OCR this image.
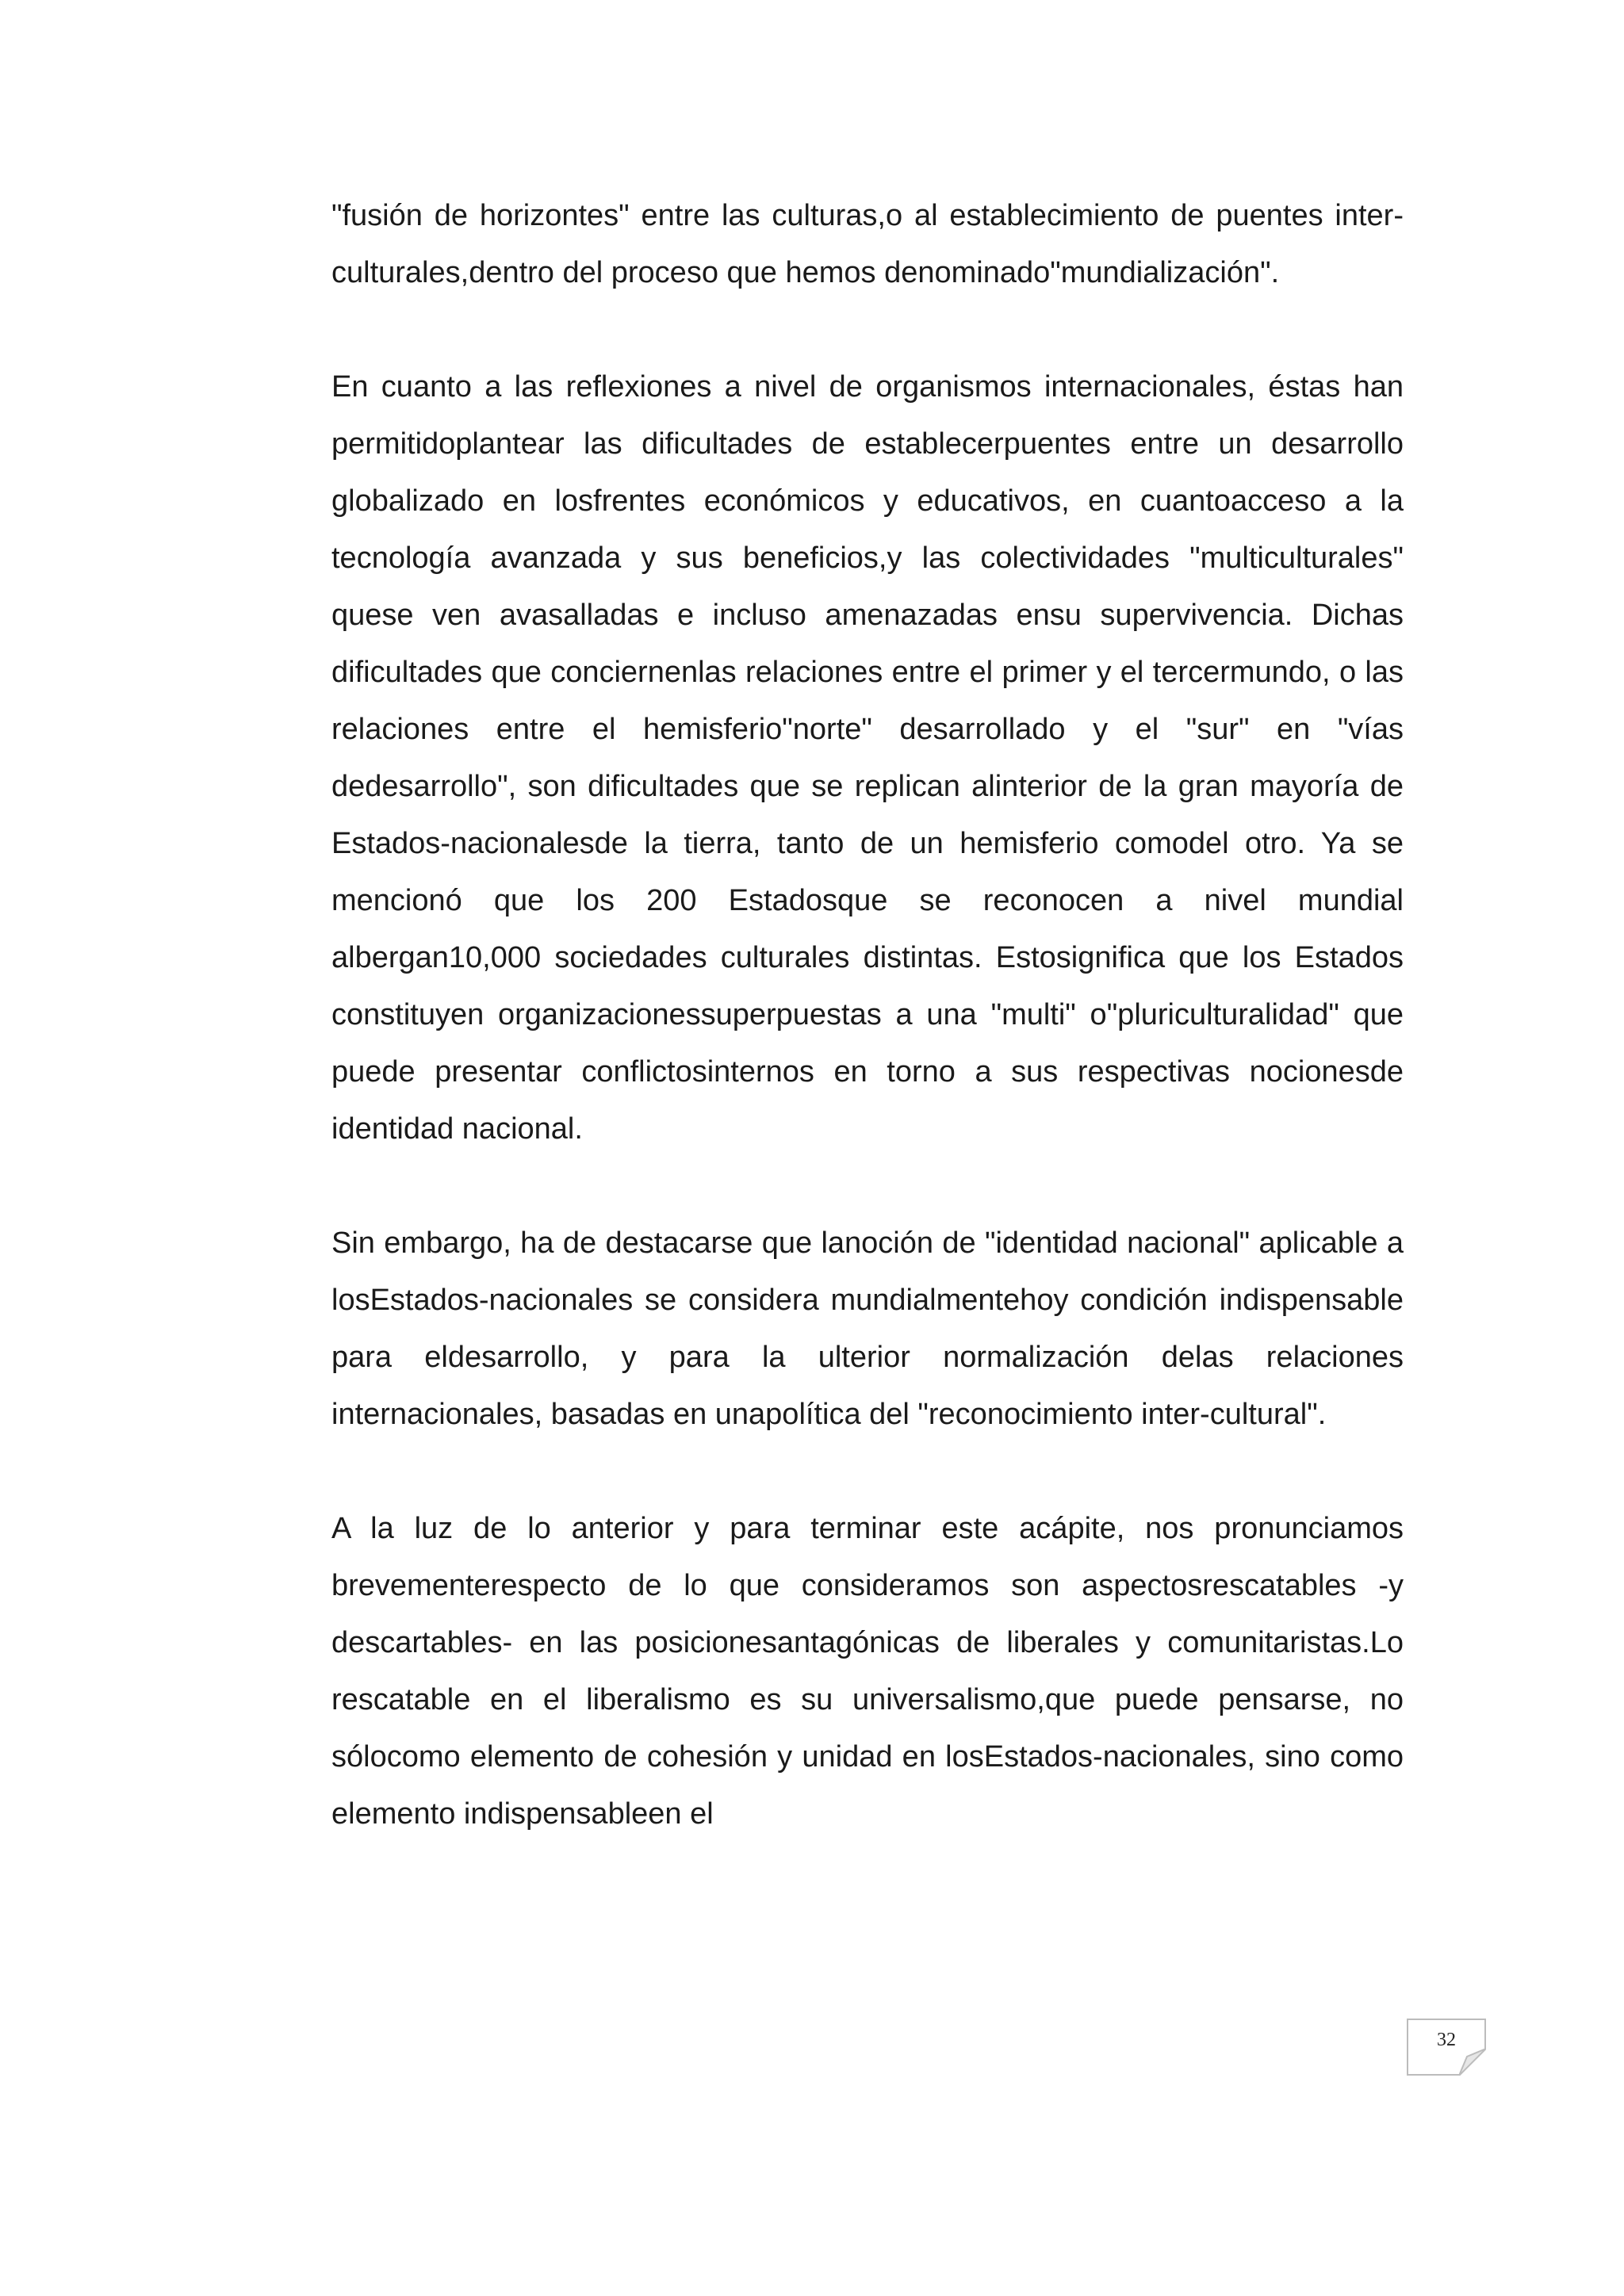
"fusión de horizontes" entre las culturas,o al establecimiento de puentes inter-culturales,dentro del proceso que hemos denominado"mundialización".

En cuanto a las reflexiones a nivel de organismos internacionales, éstas han permitidoplantear las dificultades de establecerpuentes entre un desarrollo globalizado en losfrentes económicos y educativos, en cuantoacceso a la tecnología avanzada y sus beneficios,y las colectividades "multiculturales" quese ven avasalladas e incluso amenazadas ensu supervivencia. Dichas dificultades que conciernenlas relaciones entre el primer y el tercermundo, o las relaciones entre el hemisferio"norte" desarrollado y el "sur" en "vías dedesarrollo", son dificultades que se replican alinterior de la gran mayoría de Estados-nacionalesde la tierra, tanto de un hemisferio comodel otro. Ya se mencionó que los 200 Estadosque se reconocen a nivel mundial albergan10,000 sociedades culturales distintas. Estosignifica que los Estados constituyen organizacionessuperpuestas a una "multi" o"pluriculturalidad" que puede presentar conflictosinternos en torno a sus respectivas nocionesde identidad nacional.

Sin embargo, ha de destacarse que lanoción de "identidad nacional" aplicable a losEstados-nacionales se considera mundialmentehoy condición indispensable para eldesarrollo, y para la ulterior normalización delas relaciones internacionales, basadas en unapolítica del "reconocimiento inter-cultural".

A la luz de lo anterior y para terminar este acápite, nos pronunciamos brevementerespecto de lo que consideramos son aspectosrescatables -y descartables- en las posicionesantagónicas de liberales y comunitaristas.Lo rescatable en el liberalismo es su universalismo,que puede pensarse, no sólocomo elemento de cohesión y unidad en losEstados-nacionales, sino como elemento indispensableen el

32
